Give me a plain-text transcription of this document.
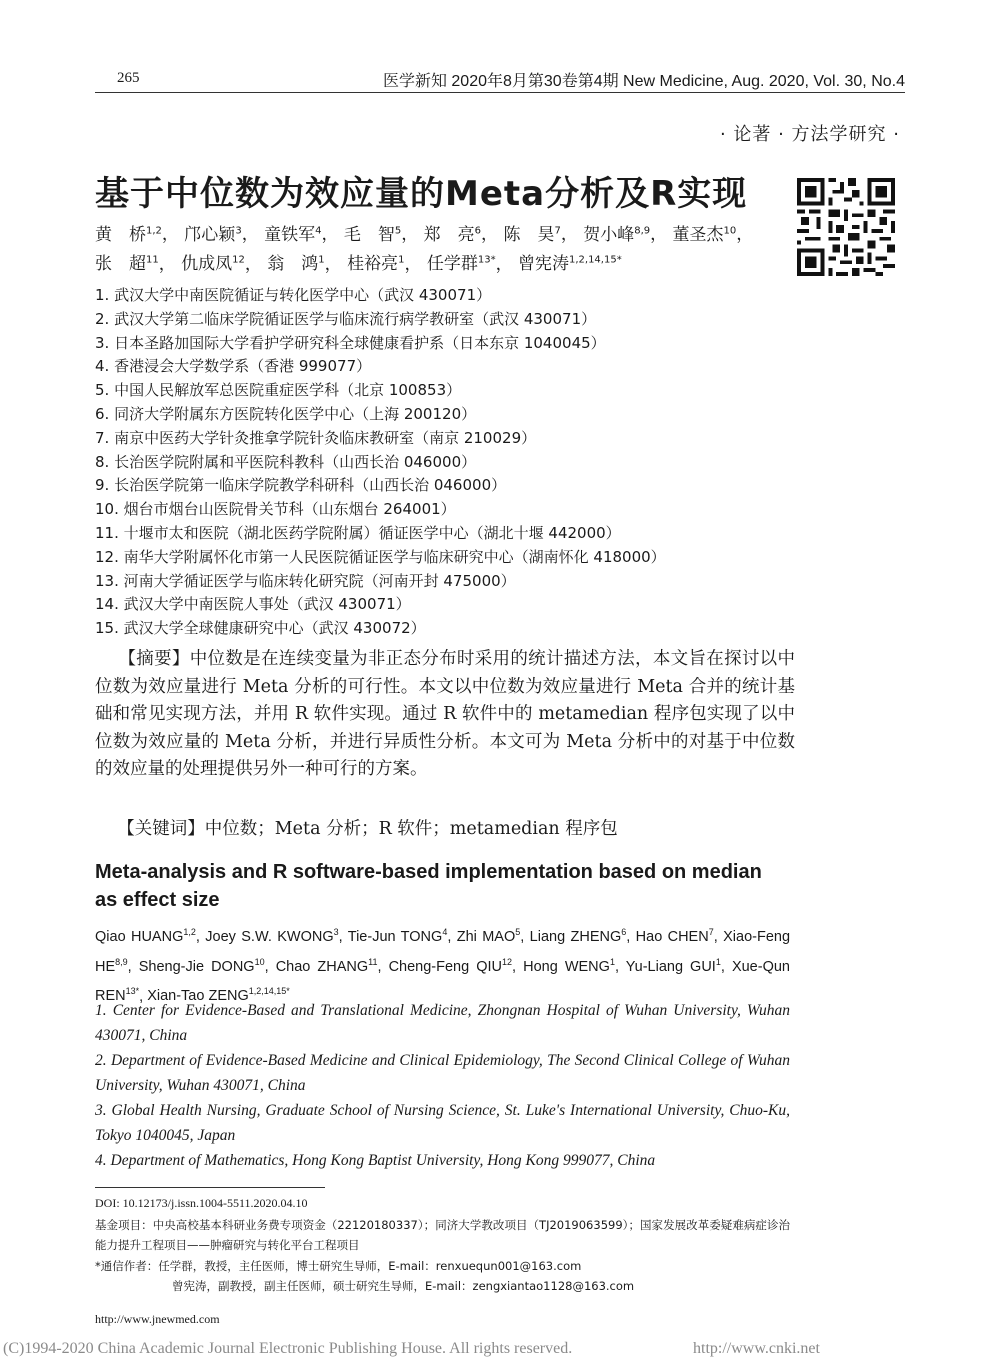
265	医学新知 2020年8月第30卷第4期 New Medicine, Aug. 2020, Vol. 30, No.4
· 论著 · 方法学研究 ·
基于中位数为效应量的Meta分析及R实现
黄　桥$^{1,2}$， 邝心颖$^3$， 童铁军$^4$， 毛　智$^5$， 郑　亮$^6$， 陈　昊$^7$， 贺小峰$^{8,9}$， 董圣杰$^{10}$，
张　超$^{11}$， 仇成凤$^{12}$， 翁　鸿$^1$， 桂裕亮$^1$， 任学群$^{13*}$， 曾宪涛$^{1,2,14,15*}$
1. 武汉大学中南医院循证与转化医学中心（武汉 430071）
2. 武汉大学第二临床学院循证医学与临床流行病学教研室（武汉 430071）
3. 日本圣路加国际大学看护学研究科全球健康看护系（日本东京 1040045）
4. 香港浸会大学数学系（香港 999077）
5. 中国人民解放军总医院重症医学科（北京 100853）
6. 同济大学附属东方医院转化医学中心（上海 200120）
7. 南京中医药大学针灸推拿学院针灸临床教研室（南京 210029）
8. 长治医学院附属和平医院科教科（山西长治 046000）
9. 长治医学院第一临床学院教学科研科（山西长治 046000）
10. 烟台市烟台山医院骨关节科（山东烟台 264001）
11. 十堰市太和医院（湖北医药学院附属）循证医学中心（湖北十堰 442000）
12. 南华大学附属怀化市第一人民医院循证医学与临床研究中心（湖南怀化 418000）
13. 河南大学循证医学与临床转化研究院（河南开封 475000）
14. 武汉大学中南医院人事处（武汉 430071）
15. 武汉大学全球健康研究中心（武汉 430072）
【摘要】中位数是在连续变量为非正态分布时采用的统计描述方法，本文旨在探讨以中位数为效应量进行 Meta 分析的可行性。本文以中位数为效应量进行 Meta 合并的统计基础和常见实现方法，并用 R 软件实现。通过 R 软件中的 metamedian 程序包实现了以中位数为效应量的 Meta 分析，并进行异质性分析。本文可为 Meta 分析中的对基于中位数的效应量的处理提供另外一种可行的方案。
【关键词】中位数；Meta 分析；R 软件；metamedian 程序包
Meta-analysis and R software-based implementation based on median as effect size
Qiao HUANG$^{1,2}$, Joey S.W. KWONG$^3$, Tie-Jun TONG$^4$, Zhi MAO$^5$, Liang ZHENG$^6$, Hao CHEN$^7$, Xiao-Feng HE$^{8,9}$, Sheng-Jie DONG$^{10}$, Chao ZHANG$^{11}$, Cheng-Feng QIU$^{12}$, Hong WENG$^1$, Yu-Liang GUI$^1$, Xue-Qun $REN^{13*}$, Xian-Tao $ZENG^{1,2,14,15*}$

1. Center for Evidence-Based and Translational Medicine, Zhongnan Hospital of Wuhan University, Wuhan 430071, China

2. Department of Evidence-Based Medicine and Clinical Epidemiology, The Second Clinical College of Wuhan University, Wuhan 430071, China

3. Global Health Nursing, Graduate School of Nursing Science, St. Luke's International University, Chuo-Ku, Tokyo 1040045, Japan

4. Department of Mathematics, Hong Kong Baptist University, Hong Kong 999077, China

DOI: 10.12173/j.issn.1004-5511.2020.04.10
基金项目：中央高校基本科研业务费专项资金（22120180337）；同济大学教改项目（TJ2019063599）；国家发展改革委疑难病症诊治能力提升工程项目——肿瘤研究与转化平台工程项目
*通信作者：任学群，教授，主任医师，博士研究生导师，E-mail：renxuequn001@163.com
曾宪涛，副教授，副主任医师，硕士研究生导师，E-mail：zengxiantao1128@163.com
http://www.jnewmed.com
(C)1994-2020 China Academic Journal Electronic Publishing House. All rights reserved.	http://www.cnki.net
